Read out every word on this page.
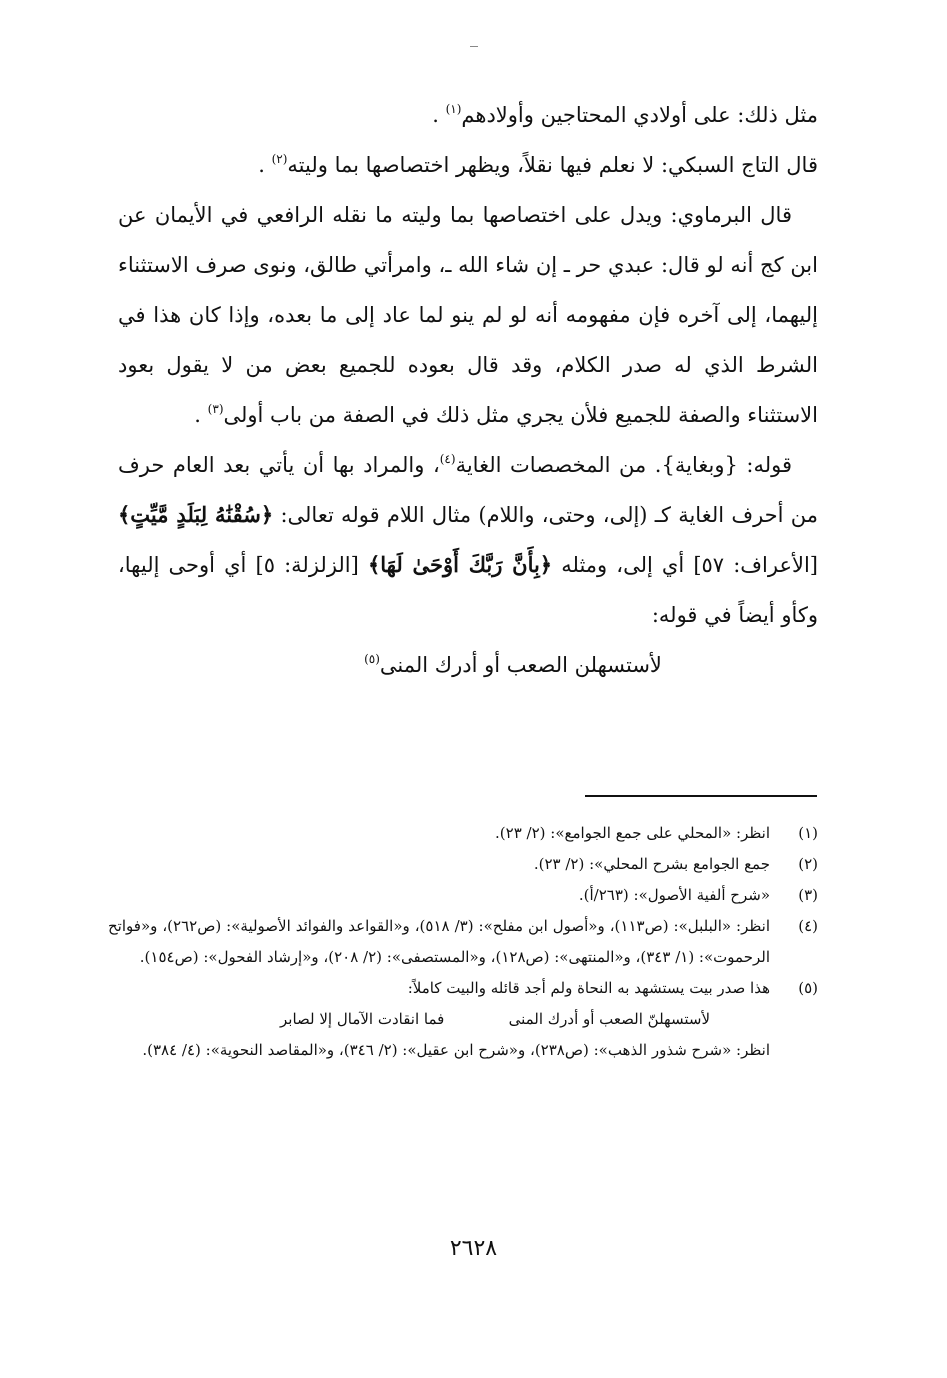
مثل ذلك: على أولادي المحتاجين وأولادهم$^{(١)}$ .

قال التاج السبكي: لا نعلم فيها نقلاً، ويظهر اختصاصها بما وليته$^{(٢)}$ .

قال البرماوي: ويدل على اختصاصها بما وليته ما نقله الرافعي في الأيمان عن ابن كج أنه لو قال: عبدي حر ـ إن شاء الله ـ، وامرأتي طالق، ونوى صرف الاستثناء إليهما، إلى آخره فإن مفهومه أنه لو لم ينو لما عاد إلى ما بعده، وإذا كان هذا في الشرط الذي له صدر الكلام، وقد قال بعوده للجميع بعض من لا يقول بعود الاستثناء والصفة للجميع فلأن يجري مثل ذلك في الصفة من باب أولى$^{(٣)}$ .

قوله: {وبغاية}. من المخصصات الغاية$^{(٤)}$، والمراد بها أن يأتي بعد العام حرف من أحرف الغاية كـ (إلى، وحتى، واللام) مثال اللام قوله تعالى: ﴿سُقْنَٰهُ لِبَلَدٍ مَّيِّتٍ﴾ [الأعراف: ٥٧] أي إلى، ومثله ﴿بِأَنَّ رَبَّكَ أَوْحَىٰ لَهَا﴾ [الزلزلة: ٥] أي أوحى إليها، وكأو أيضاً في قوله:

لأستسهلن الصعب أو أدرك المنى$^{(٥)}$
(١)
انظر: «المحلي على جمع الجوامع»: (٢/ ٢٣).
(٢)
جمع الجوامع بشرح المحلي»: (٢/ ٢٣).
(٣)
«شرح ألفية الأصول»: (٢٦٣/أ).
(٤)
انظر: «البلبل»: (ص١١٣)، و«أصول ابن مفلح»: (٣/ ٥١٨)، و«القواعد والفوائد الأصولية»: (ص٢٦٢)، و«فواتح الرحموت»: (١/ ٣٤٣)، و«المنتهى»: (ص١٢٨)، و«المستصفى»: (٢/ ٢٠٨)، و«إرشاد الفحول»: (ص١٥٤).
(٥)
هذا صدر بيت يستشهد به النحاة ولم أجد قائله والبيت كاملاً:
لأستسهلنّ الصعب أو أدرك المنى
فما انقادت الآمال إلا لصابر
انظر: «شرح شذور الذهب»: (ص٢٣٨)، و«شرح ابن عقيل»: (٢/ ٣٤٦)، و«المقاصد النحوية»: (٤/ ٣٨٤).
٢٦٢٨
